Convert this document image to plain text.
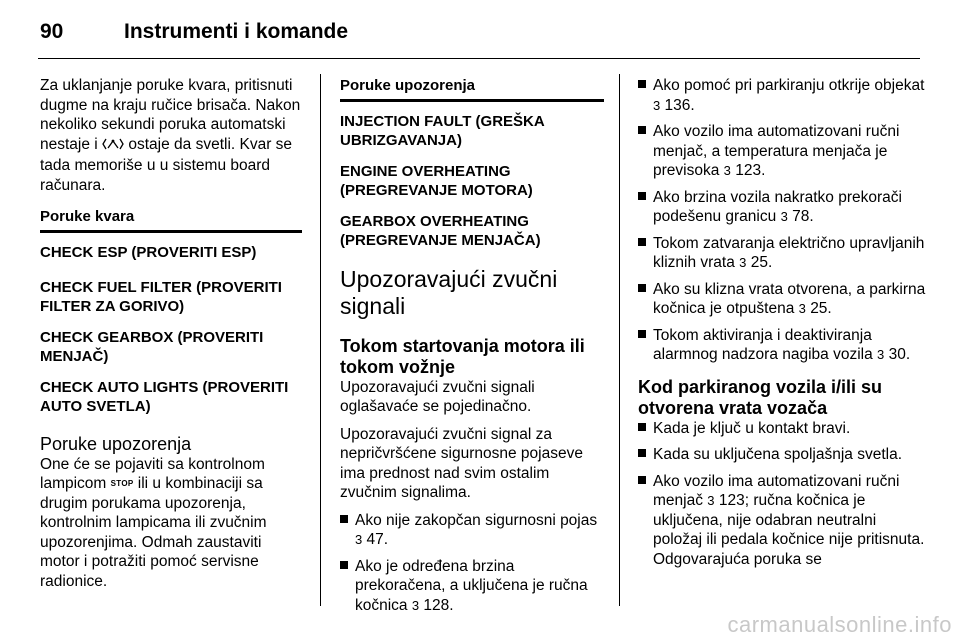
90	Instrumenti i komande

Za uklanjanje poruke kvara, pritisnuti dugme na kraju ručice brisača. Nakon nekoliko sekundi poruka automatski nestaje i ostaje da svetli. Kvar se tada memoriše u u sistemu board računara.

Poruke kvara
CHECK ESP (PROVERITI ESP)
CHECK FUEL FILTER (PROVERITI FILTER ZA GORIVO)
CHECK GEARBOX (PROVERITI MENJAČ)
CHECK AUTO LIGHTS (PROVERITI AUTO SVETLA)
Poruke upozorenja

One će se pojaviti sa kontrolnom lampicom STOP ili u kombinaciji sa drugim porukama upozorenja, kontrolnim lampicama ili zvučnim upozorenjima. Odmah zaustaviti motor i potražiti pomoć servisne radionice.

Poruke upozorenja
INJECTION FAULT (GREŠKA UBRIZGAVANJA)
ENGINE OVERHEATING (PREGREVANJE MOTORA)
GEARBOX OVERHEATING (PREGREVANJE MENJAČA)
Upozoravajući zvučni signali
Tokom startovanja motora ili tokom vožnje

Upozoravajući zvučni signali oglašavaće se pojedinačno.

Upozoravajući zvučni signal za nepričvršćene sigurnosne pojaseve ima prednost nad svim ostalim zvučnim signalima.

Ako nije zakopčan sigurnosni pojas 3 47.
Ako je određena brzina prekoračena, a uključena je ručna kočnica 3 128.
Ako pomoć pri parkiranju otkrije objekat 3 136.
Ako vozilo ima automatizovani ručni menjač, a temperatura menjača je previsoka 3 123.
Ako brzina vozila nakratko prekorači podešenu granicu 3 78.
Tokom zatvaranja električno upravljanih kliznih vrata 3 25.
Ako su klizna vrata otvorena, a parkirna kočnica je otpuštena 3 25.
Tokom aktiviranja i deaktiviranja alarmnog nadzora nagiba vozila 3 30.
Kod parkiranog vozila i/ili su otvorena vrata vozača
Kada je ključ u kontakt bravi.
Kada su uključena spoljašnja svetla.
Ako vozilo ima automatizovani ručni menjač 3 123; ručna kočnica je uključena, nije odabran neutralni položaj ili pedala kočnice nije pritisnuta. Odgovarajuća poruka se
carmanualsonline.info
